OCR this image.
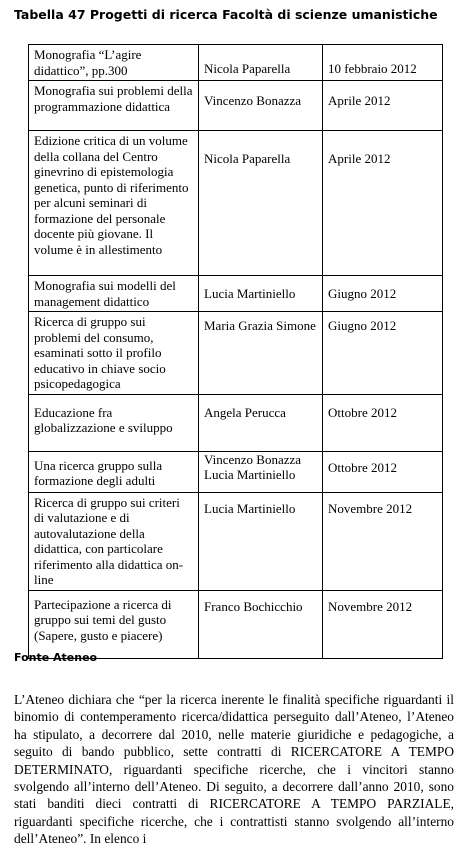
Tabella 47 Progetti di ricerca Facoltà di scienze umanistiche
Monografia “L’agire didattico”, pp.300	Nicola Paparella	10 febbraio 2012
Monografia sui problemi della programmazione didattica	Vincenzo Bonazza	Aprile 2012
Edizione critica di un volume della collana del Centro ginevrino di epistemologia genetica, punto di riferimento per alcuni seminari di formazione del personale docente più giovane. Il volume è in allestimento	Nicola Paparella	Aprile 2012
Monografia sui modelli del management didattico	Lucia Martiniello	Giugno 2012
Ricerca di gruppo sui problemi del consumo, esaminati sotto il profilo educativo in chiave socio psicopedagogica	Maria Grazia Simone	Giugno 2012
Educazione fra globalizzazione e sviluppo	Angela Perucca	Ottobre 2012
Una ricerca gruppo sulla formazione degli adulti	Vincenzo Bonazza Lucia Martiniello	Ottobre 2012
Ricerca di gruppo sui criteri di valutazione e di autovalutazione della didattica, con particolare riferimento alla didattica on-line	Lucia Martiniello	Novembre 2012
Partecipazione a ricerca di gruppo sui temi del gusto (Sapere, gusto e piacere)	Franco Bochicchio	Novembre 2012
Fonte Ateneo

L’Ateneo dichiara che “per la ricerca inerente le finalità specifiche riguardanti il binomio di contemperamento ricerca/didattica perseguito dall’Ateneo, l’Ateneo ha stipulato, a decorrere dal 2010, nelle materie giuridiche e pedagogiche, a seguito di bando pubblico, sette contratti di RICERCATORE A TEMPO DETERMINATO, riguardanti specifiche ricerche, che i vincitori stanno svolgendo all’interno dell’Ateneo. Di seguito, a decorrere dall’anno 2010, sono stati banditi dieci contratti di RICERCATORE A TEMPO PARZIALE, riguardanti specifiche ricerche, che i contrattisti stanno svolgendo all’interno dell’Ateneo”. In elenco i
